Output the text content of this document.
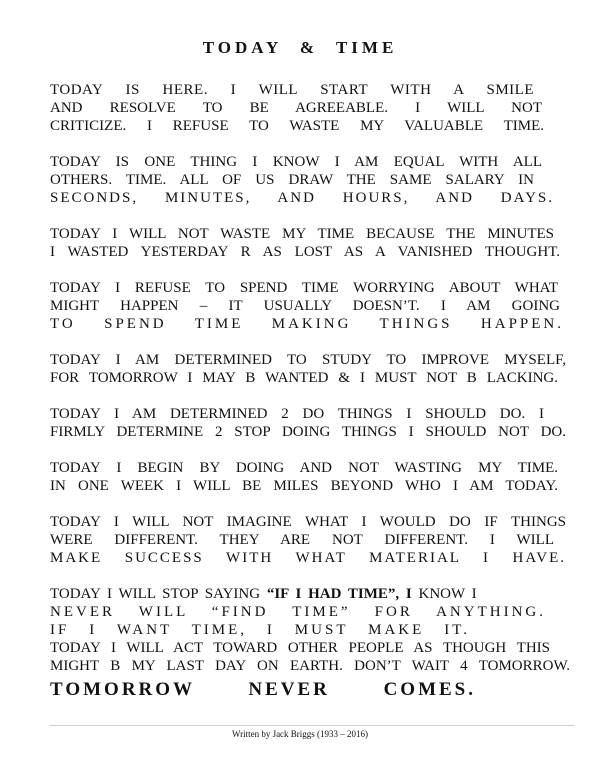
TODAY & TIME
TODAY IS HERE. I WILL START WITH A SMILE
AND RESOLVE TO BE AGREEABLE. I WILL NOT
CRITICIZE. I REFUSE TO WASTE MY VALUABLE TIME.
TODAY IS ONE THING I KNOW I AM EQUAL WITH ALL
OTHERS. TIME. ALL OF US DRAW THE SAME SALARY IN
SECONDS, MINUTES, AND HOURS, AND DAYS.
TODAY I WILL NOT WASTE MY TIME BECAUSE THE MINUTES
I WASTED YESTERDAY R AS LOST AS A VANISHED THOUGHT.
TODAY I REFUSE TO SPEND TIME WORRYING ABOUT WHAT
MIGHT HAPPEN – IT USUALLY DOESN’T. I AM GOING
TO SPEND TIME MAKING THINGS HAPPEN.
TODAY I AM DETERMINED TO STUDY TO IMPROVE MYSELF,
FOR TOMORROW I MAY B WANTED & I MUST NOT B LACKING.
TODAY I AM DETERMINED 2 DO THINGS I SHOULD DO. I
FIRMLY DETERMINE 2 STOP DOING THINGS I SHOULD NOT DO.
TODAY I BEGIN BY DOING AND NOT WASTING MY TIME.
IN ONE WEEK I WILL BE MILES BEYOND WHO I AM TODAY.
TODAY I WILL NOT IMAGINE WHAT I WOULD DO IF THINGS
WERE DIFFERENT. THEY ARE NOT DIFFERENT. I WILL
MAKE SUCCESS WITH WHAT MATERIAL I HAVE.
TODAY I WILL STOP SAYING “IF I HAD TIME”, I KNOW I
NEVER WILL “FIND TIME” FOR ANYTHING.
IF I WANT TIME, I MUST MAKE IT.
TODAY I WILL ACT TOWARD OTHER PEOPLE AS THOUGH THIS
MIGHT B MY LAST DAY ON EARTH. DON’T WAIT 4 TOMORROW.
TOMORROW NEVER COMES.
Written by Jack Briggs (1933 – 2016)
